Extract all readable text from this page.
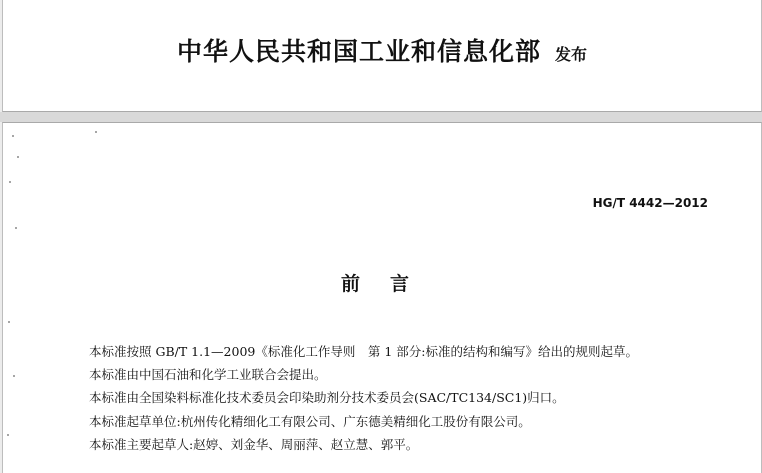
中华人民共和国工业和信息化部 发布
HG/T 4442—2012
前言
本标准按照 GB/T 1.1—2009《标准化工作导则　第 1 部分:标准的结构和编写》给出的规则起草。
本标准由中国石油和化学工业联合会提出。
本标准由全国染料标准化技术委员会印染助剂分技术委员会(SAC/TC134/SC1)归口。
本标准起草单位:杭州传化精细化工有限公司、广东德美精细化工股份有限公司。
本标准主要起草人:赵婷、刘金华、周丽萍、赵立慧、郭平。
